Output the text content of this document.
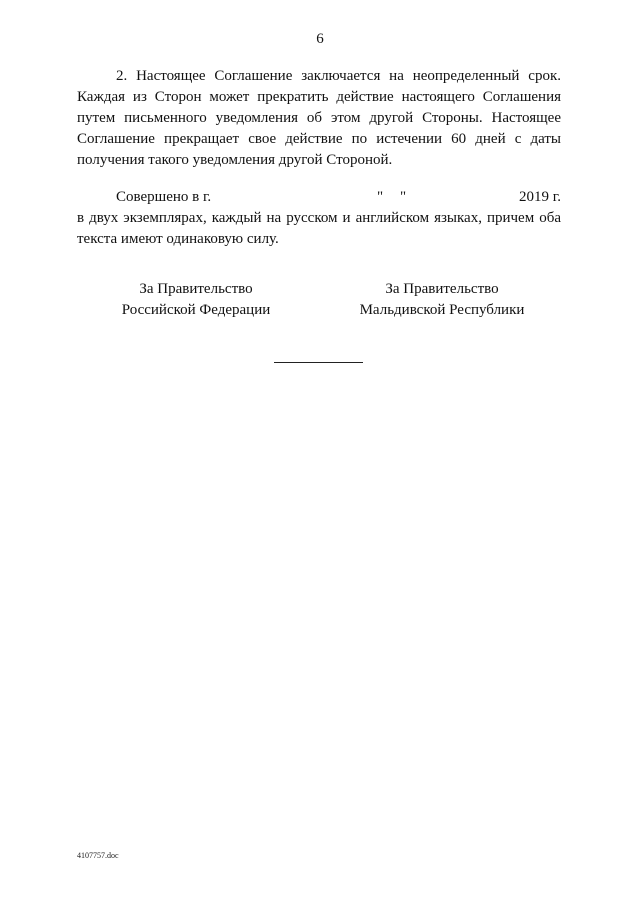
6

2. Настоящее Соглашение заключается на неопределенный срок. Каждая из Сторон может прекратить действие настоящего Соглашения путем письменного уведомления об этом другой Стороны. Настоящее Соглашение прекращает свое действие по истечении 60 дней с даты получения такого уведомления другой Стороной.

Совершено в г.	" "	2019 г.

в двух экземплярах, каждый на русском и английском языках, причем оба текста имеют одинаковую силу.

За Правительство
Российской Федерации
За Правительство
Мальдивской Республики
4107757.doc
